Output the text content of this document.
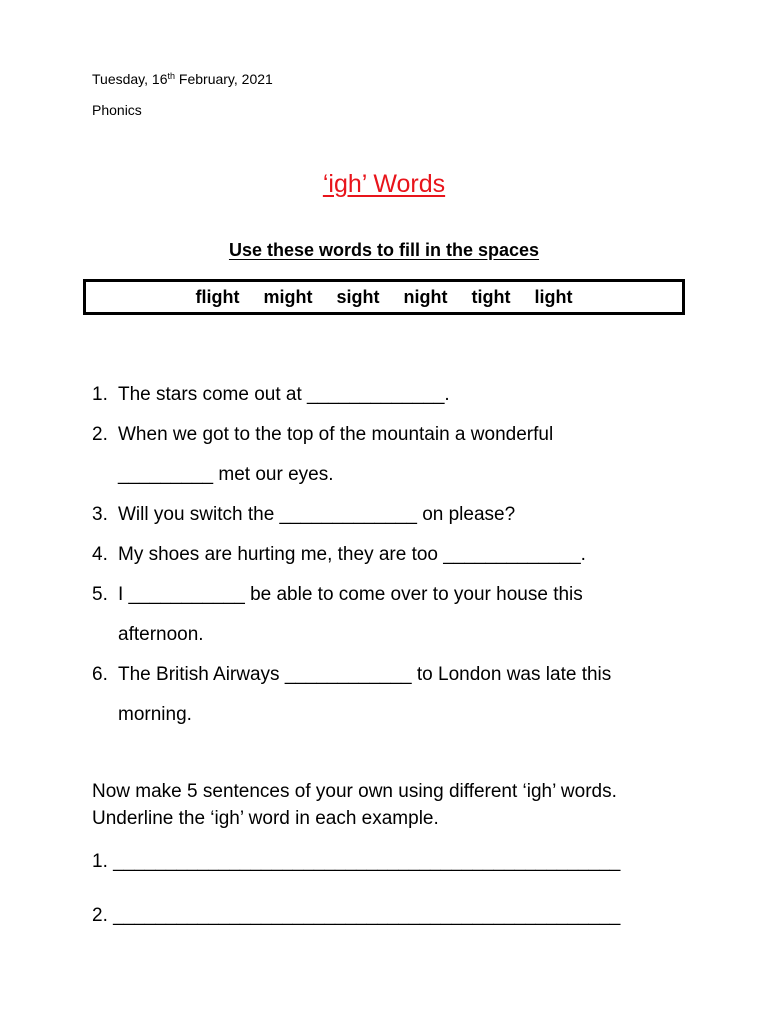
Tuesday, 16th February, 2021
Phonics
‘igh’ Words
Use these words to fill in the spaces
flight might sight night tight light
1. The stars come out at _____________.
2. When we got to the top of the mountain a wonderful
_________ met our eyes.
3. Will you switch the _____________ on please?
4. My shoes are hurting me, they are too _____________.
5. I ___________ be able to come over to your house this
afternoon.
6. The British Airways ____________ to London was late this
morning.
Now make 5 sentences of your own using different ‘igh’ words. Underline the ‘igh’ word in each example.
1. ________________________________________________
2. ________________________________________________
